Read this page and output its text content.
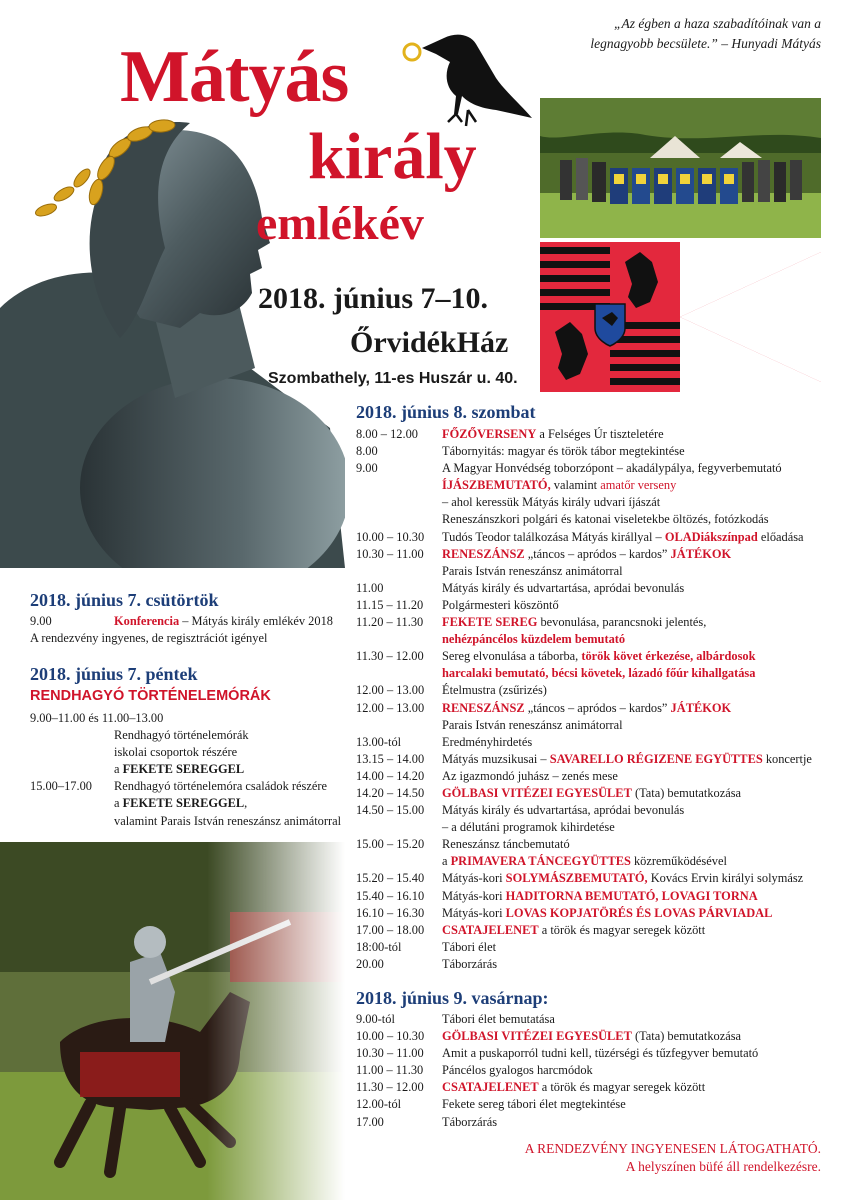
Mátyás
király
emlékév
„Az égben a haza szabadítóinak van a legnagyobb becsülete.” – Hunyadi Mátyás
2018. június 7–10.
ŐrvidékHáz
Szombathely, 11-es Huszár u. 40.
2018. június 8. szombat
8.00 – 12.00	FŐZŐVERSENY a Felséges Úr tiszteletére
8.00	Tábornyitás: magyar és török tábor megtekintése
9.00	A Magyar Honvédség toborzópont – akadálypálya, fegyverbemutató
ÍJÁSZBEMUTATÓ, valamint amatőr verseny
– ahol keressük Mátyás király udvari íjászát
Reneszánszkori polgári és katonai viseletekbe öltözés, fotózkodás
10.00 – 10.30	Tudós Teodor találkozása Mátyás királlyal – OLADiákszínpad előadása
10.30 – 11.00	RENESZÁNSZ „táncos – apródos – kardos” JÁTÉKOK
Parais István reneszánsz animátorral
11.00	Mátyás király és udvartartása, apródai bevonulás
11.15 – 11.20	Polgármesteri köszöntő
11.20 – 11.30	FEKETE SEREG bevonulása, parancsnoki jelentés,
nehézpáncélos küzdelem bemutató
11.30 – 12.00	Sereg elvonulása a táborba, török követ érkezése, albárdosok
harcalaki bemutató, bécsi követek, lázadó főúr kihallgatása
12.00 – 13.00	Ételmustra (zsűrizés)
12.00 – 13.00	RENESZÁNSZ „táncos – apródos – kardos” JÁTÉKOK
Parais István reneszánsz animátorral
13.00-tól	Eredményhirdetés
13.15 – 14.00	Mátyás muzsikusai – SAVARELLO RÉGIZENE EGYÜTTES koncertje
14.00 – 14.20	Az igazmondó juhász – zenés mese
14.20 – 14.50	GÖLBASI VITÉZEI EGYESÜLET (Tata) bemutatkozása
14.50 – 15.00	Mátyás király és udvartartása, apródai bevonulás
– a délutáni programok kihirdetése
15.00 – 15.20	Reneszánsz táncbemutató
a PRIMAVERA TÁNCEGYÜTTES közreműködésével
15.20 – 15.40	Mátyás-kori SOLYMÁSZBEMUTATÓ, Kovács Ervin királyi solymász
15.40 – 16.10	Mátyás-kori HADITORNA BEMUTATÓ, LOVAGI TORNA
16.10 – 16.30	Mátyás-kori LOVAS KOPJATÖRÉS ÉS LOVAS PÁRVIADAL
17.00 – 18.00	CSATAJELENET a török és magyar seregek között
18:00-tól	Tábori élet
20.00	Táborzárás
2018. június 9. vasárnap:
9.00-tól	Tábori élet bemutatása
10.00 – 10.30	GÖLBASI VITÉZEI EGYESÜLET (Tata) bemutatkozása
10.30 – 11.00	Amit a puskaporról tudni kell, tüzérségi és tűzfegyver bemutató
11.00 – 11.30	Páncélos gyalogos harcmódok
11.30 – 12.00	CSATAJELENET a török és magyar seregek között
12.00-tól	Fekete sereg tábori élet megtekintése
17.00	Táborzárás
2018. június 7. csütörtök
9.00	Konferencia – Mátyás király emlékév 2018
A rendezvény ingyenes, de regisztrációt igényel
2018. június 7. péntek
RENDHAGYÓ TÖRTÉNELEMÓRÁK
9.00–11.00 és 11.00–13.00
Rendhagyó történelemórák
iskolai csoportok részére
a FEKETE SEREGGEL
15.00–17.00	Rendhagyó történelemóra családok részére
a FEKETE SEREGGEL,
valamint Parais István reneszánsz animátorral
A RENDEZVÉNY INGYENESEN LÁTOGATHATÓ.
A helyszínen büfé áll rendelkezésre.
